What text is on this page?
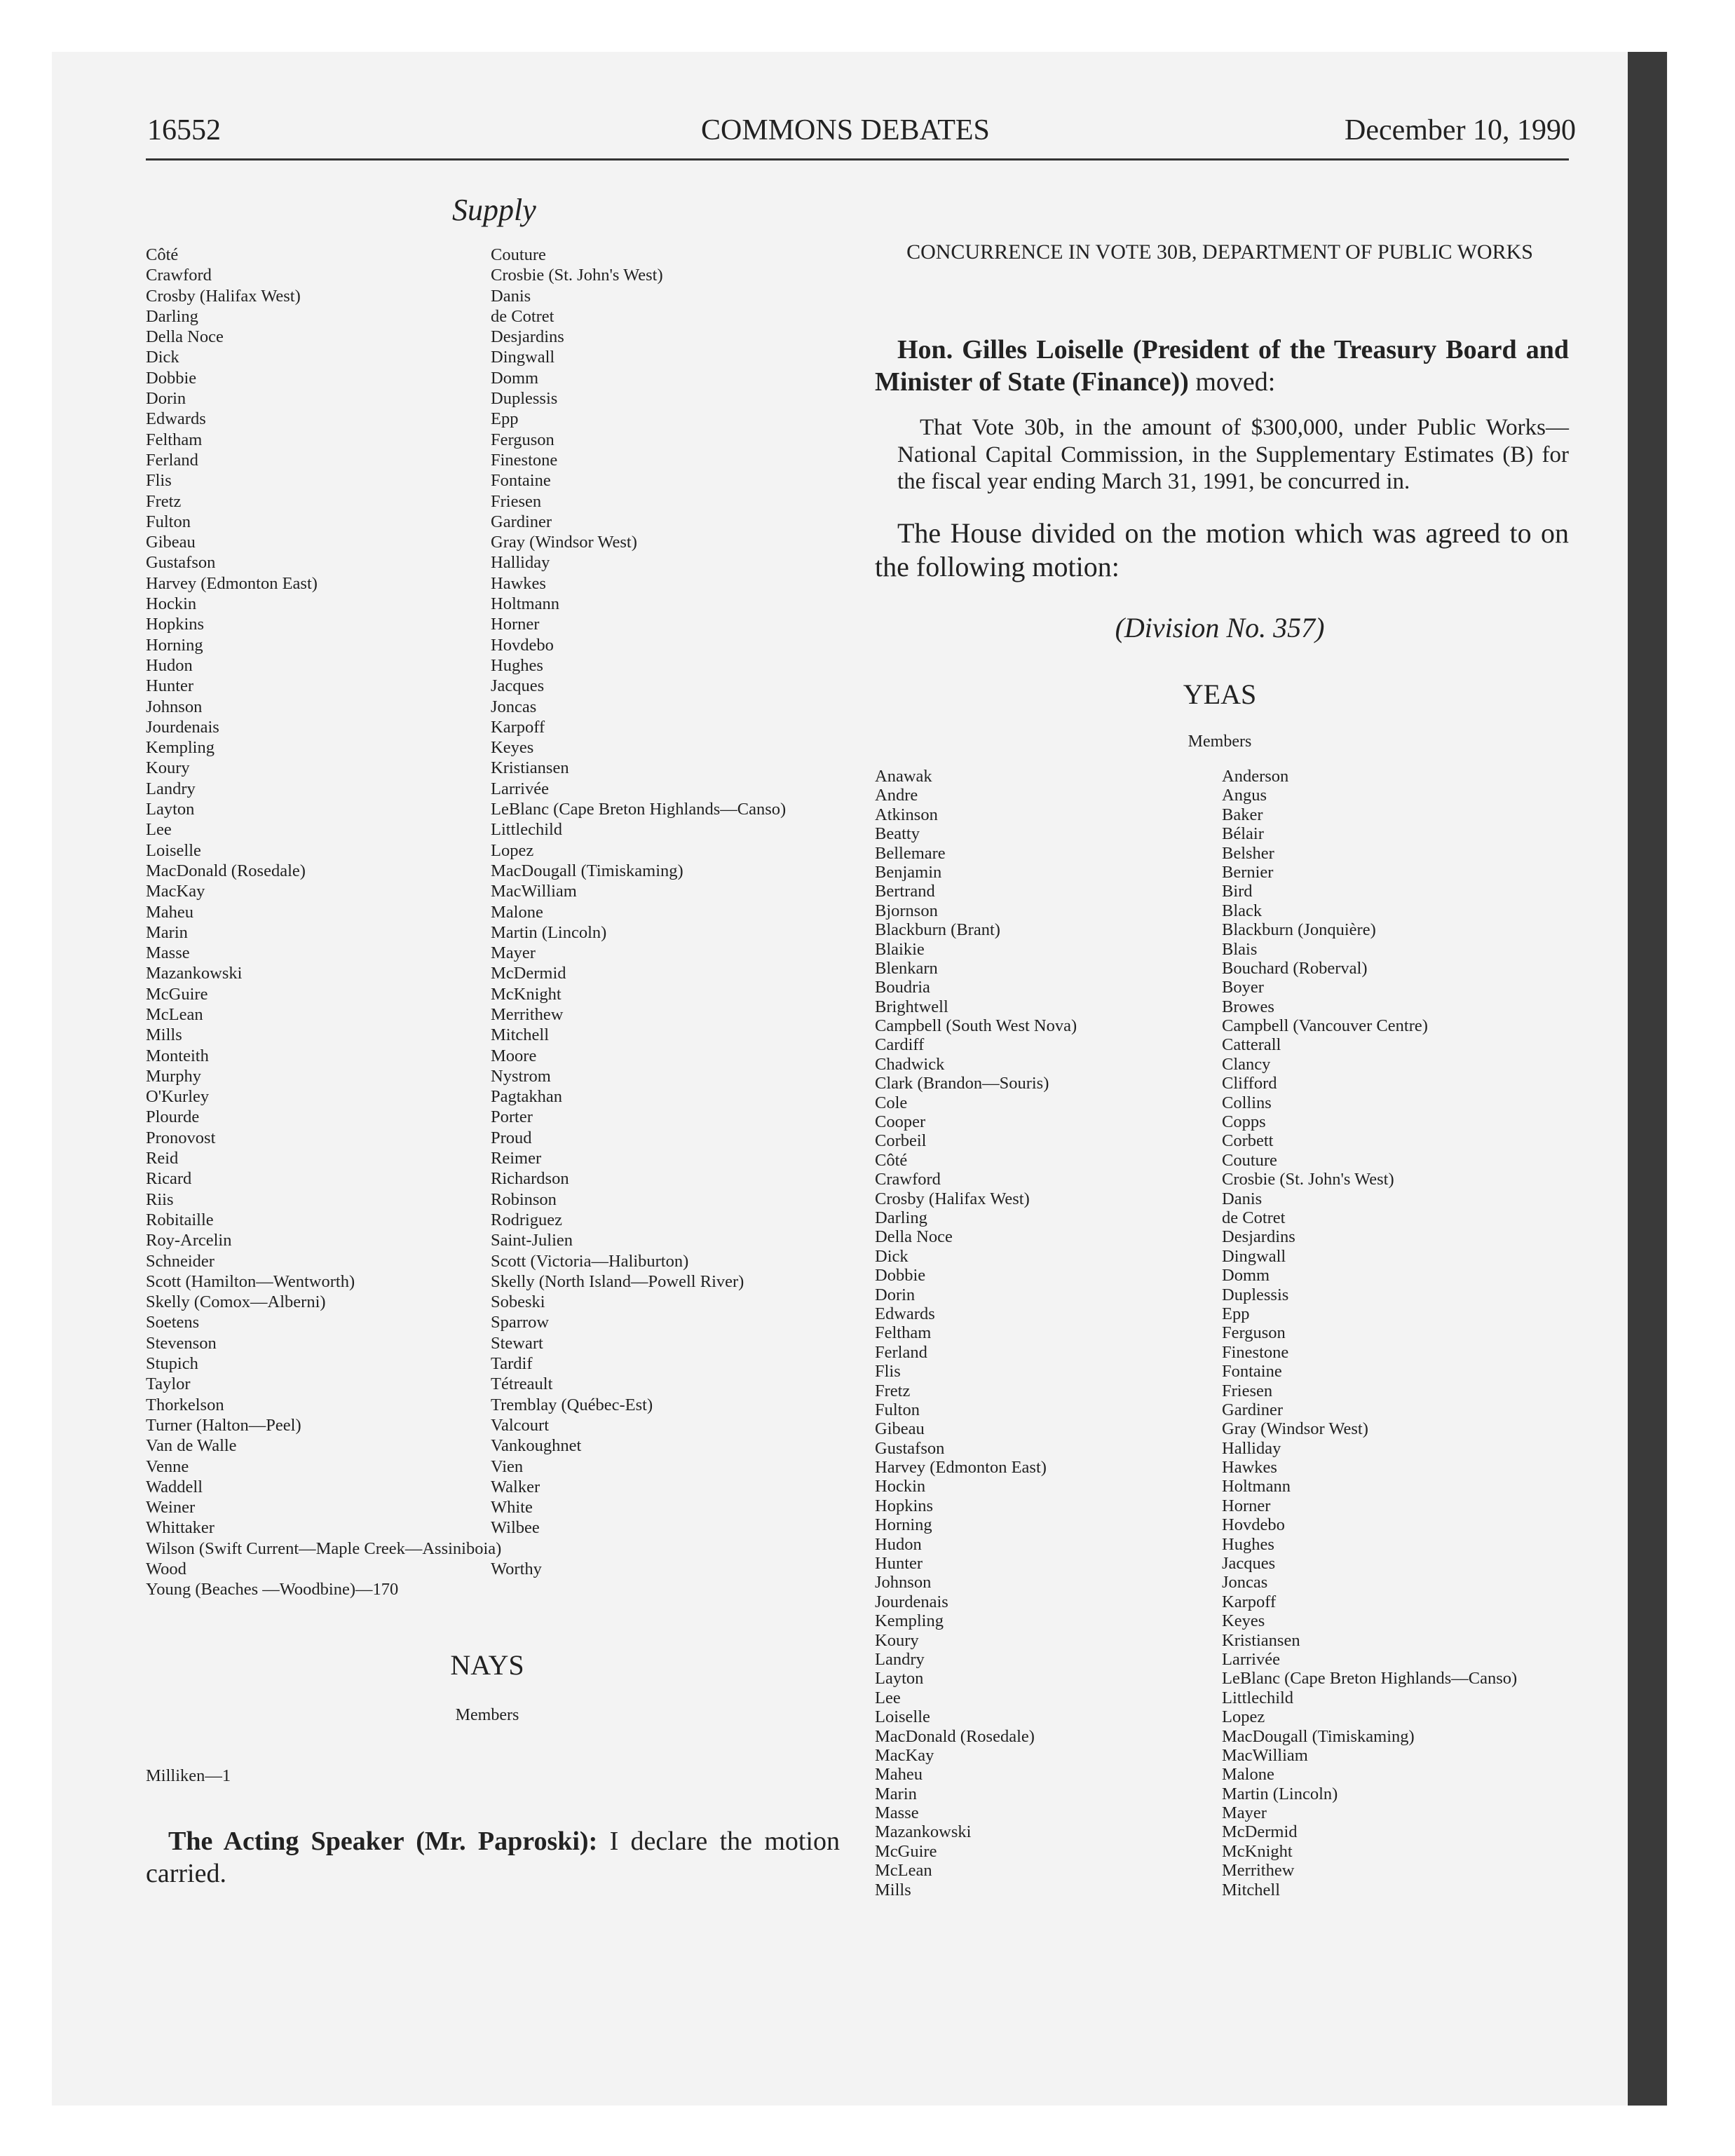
16552	COMMONS DEBATES	December 10, 1990
Supply
Côté
Crawford
Crosby (Halifax West)
Darling
Della Noce
Dick
Dobbie
Dorin
Edwards
Feltham
Ferland
Flis
Fretz
Fulton
Gibeau
Gustafson
Harvey (Edmonton East)
Hockin
Hopkins
Horning
Hudon
Hunter
Johnson
Jourdenais
Kempling
Koury
Landry
Layton
Lee
Loiselle
MacDonald (Rosedale)
MacKay
Maheu
Marin
Masse
Mazankowski
McGuire
McLean
Mills
Monteith
Murphy
O'Kurley
Plourde
Pronovost
Reid
Ricard
Riis
Robitaille
Roy-Arcelin
Schneider
Scott (Hamilton—Wentworth)
Skelly (Comox—Alberni)
Soetens
Stevenson
Stupich
Taylor
Thorkelson
Turner (Halton—Peel)
Van de Walle
Venne
Waddell
Weiner
Whittaker
Wilson (Swift Current—Maple Creek—Assiniboia)
Wood
Young (Beaches —Woodbine)—170
Couture
Crosbie (St. John's West)
Danis
de Cotret
Desjardins
Dingwall
Domm
Duplessis
Epp
Ferguson
Finestone
Fontaine
Friesen
Gardiner
Gray (Windsor West)
Halliday
Hawkes
Holtmann
Horner
Hovdebo
Hughes
Jacques
Joncas
Karpoff
Keyes
Kristiansen
Larrivée
LeBlanc (Cape Breton Highlands—Canso)
Littlechild
Lopez
MacDougall (Timiskaming)
MacWilliam
Malone
Martin (Lincoln)
Mayer
McDermid
McKnight
Merrithew
Mitchell
Moore
Nystrom
Pagtakhan
Porter
Proud
Reimer
Richardson
Robinson
Rodriguez
Saint-Julien
Scott (Victoria—Haliburton)
Skelly (North Island—Powell River)
Sobeski
Sparrow
Stewart
Tardif
Tétreault
Tremblay (Québec-Est)
Valcourt
Vankoughnet
Vien
Walker
White
Wilbee
Worthy
NAYS
Members
Milliken—1

The Acting Speaker (Mr. Paproski): I declare the motion carried.

CONCURRENCE IN VOTE 30B, DEPARTMENT OF PUBLIC WORKS

Hon. Gilles Loiselle (President of the Treasury Board and Minister of State (Finance)) moved:

That Vote 30b, in the amount of $300,000, under Public Works—National Capital Commission, in the Supplementary Estimates (B) for the fiscal year ending March 31, 1991, be concurred in.

The House divided on the motion which was agreed to on the following motion:

(Division No. 357)
YEAS
Members
Anawak
Andre
Atkinson
Beatty
Bellemare
Benjamin
Bertrand
Bjornson
Blackburn (Brant)
Blaikie
Blenkarn
Boudria
Brightwell
Campbell (South West Nova)
Cardiff
Chadwick
Clark (Brandon—Souris)
Cole
Cooper
Corbeil
Côté
Crawford
Crosby (Halifax West)
Darling
Della Noce
Dick
Dobbie
Dorin
Edwards
Feltham
Ferland
Flis
Fretz
Fulton
Gibeau
Gustafson
Harvey (Edmonton East)
Hockin
Hopkins
Horning
Hudon
Hunter
Johnson
Jourdenais
Kempling
Koury
Landry
Layton
Lee
Loiselle
MacDonald (Rosedale)
MacKay
Maheu
Marin
Masse
Mazankowski
McGuire
McLean
Mills
Anderson
Angus
Baker
Bélair
Belsher
Bernier
Bird
Black
Blackburn (Jonquière)
Blais
Bouchard (Roberval)
Boyer
Browes
Campbell (Vancouver Centre)
Catterall
Clancy
Clifford
Collins
Copps
Corbett
Couture
Crosbie (St. John's West)
Danis
de Cotret
Desjardins
Dingwall
Domm
Duplessis
Epp
Ferguson
Finestone
Fontaine
Friesen
Gardiner
Gray (Windsor West)
Halliday
Hawkes
Holtmann
Horner
Hovdebo
Hughes
Jacques
Joncas
Karpoff
Keyes
Kristiansen
Larrivée
LeBlanc (Cape Breton Highlands—Canso)
Littlechild
Lopez
MacDougall (Timiskaming)
MacWilliam
Malone
Martin (Lincoln)
Mayer
McDermid
McKnight
Merrithew
Mitchell
